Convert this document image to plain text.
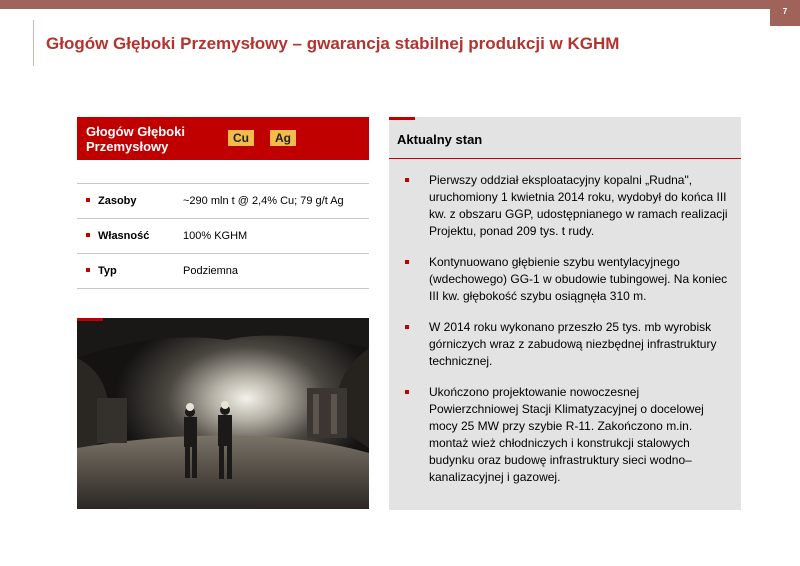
7
Głogów Głęboki Przemysłowy – gwarancja stabilnej produkcji w KGHM
Głogów Głęboki Przemysłowy
Cu	Ag
Zasoby	~290 mln t @ 2,4% Cu; 79 g/t Ag
Własność	100% KGHM
Typ	Podziemna
Aktualny stan
Pierwszy oddział eksploatacyjny kopalni „Rudna", uruchomiony 1 kwietnia 2014 roku, wydobył do końca III kw. z obszaru GGP, udostępnianego w ramach realizacji Projektu, ponad 209 tys. t rudy.
Kontynuowano głębienie szybu wentylacyjnego (wdechowego) GG-1 w obudowie tubingowej. Na koniec III kw. głębokość szybu osiągnęła 310 m.
W 2014 roku wykonano przeszło 25 tys. mb wyrobisk górniczych wraz z zabudową niezbędnej infrastruktury technicznej.
Ukończono projektowanie nowoczesnej Powierzchniowej Stacji Klimatyzacyjnej o docelowej mocy 25 MW przy szybie R-11. Zakończono m.in. montaż wież chłodniczych i konstrukcji stalowych budynku oraz budowę infrastruktury sieci wodno–kanalizacyjnej i gazowej.
